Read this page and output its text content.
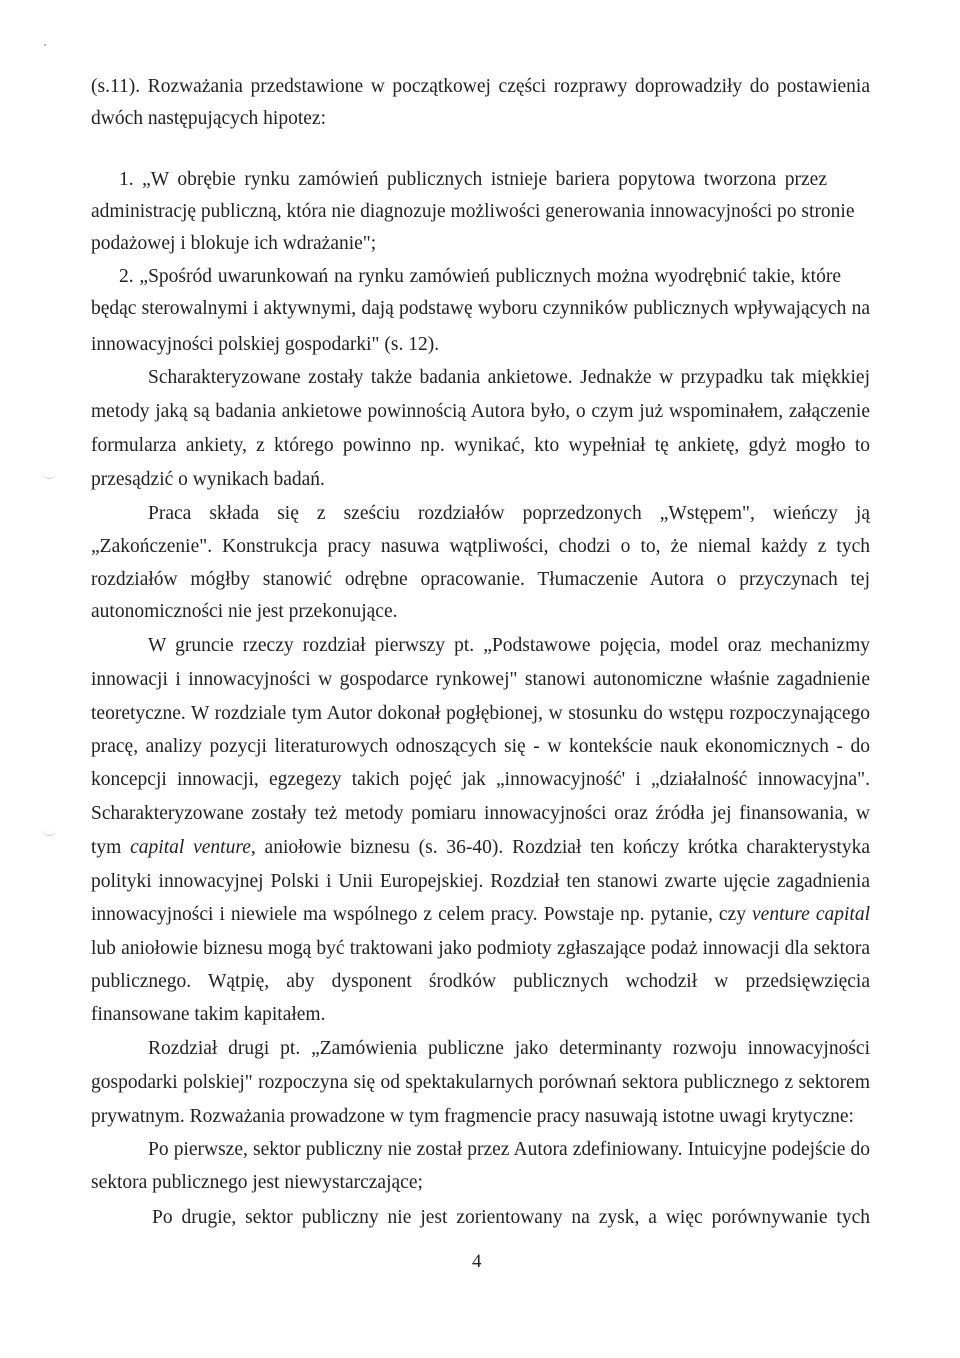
(s.11). Rozważania przedstawione w początkowej części rozprawy doprowadziły do postawienia

dwóch następujących hipotez:

1. „W obrębie rynku zamówień publicznych istnieje bariera popytowa tworzona przez

administrację publiczną, która nie diagnozuje możliwości generowania innowacyjności po stronie

podażowej i blokuje ich wdrażanie";

2. „Spośród uwarunkowań na rynku zamówień publicznych można wyodrębnić takie, które

będąc sterowalnymi i aktywnymi, dają podstawę wyboru czynników publicznych wpływających na

innowacyjności polskiej gospodarki" (s. 12).

Scharakteryzowane zostały także badania ankietowe. Jednakże w przypadku tak miękkiej

metody jaką są badania ankietowe powinnością Autora było, o czym już wspominałem, załączenie

formularza ankiety, z którego powinno np. wynikać, kto wypełniał tę ankietę, gdyż mogło to

przesądzić o wynikach badań.

Praca składa się z sześciu rozdziałów poprzedzonych „Wstępem", wieńczy ją

„Zakończenie". Konstrukcja pracy nasuwa wątpliwości, chodzi o to, że niemal każdy z tych

rozdziałów mógłby stanowić odrębne opracowanie. Tłumaczenie Autora o przyczynach tej

autonomiczności nie jest przekonujące.

W gruncie rzeczy rozdział pierwszy pt. „Podstawowe pojęcia, model oraz mechanizmy

innowacji i innowacyjności w gospodarce rynkowej" stanowi autonomiczne właśnie zagadnienie

teoretyczne. W rozdziale tym Autor dokonał pogłębionej, w stosunku do wstępu rozpoczynającego

pracę, analizy pozycji literaturowych odnoszących się - w kontekście nauk ekonomicznych - do

koncepcji innowacji, egzegezy takich pojęć jak „innowacyjność' i „działalność innowacyjna".

Scharakteryzowane zostały też metody pomiaru innowacyjności oraz źródła jej finansowania, w

tym capital venture, aniołowie biznesu (s. 36-40). Rozdział ten kończy krótka charakterystyka

polityki innowacyjnej Polski i Unii Europejskiej. Rozdział ten stanowi zwarte ujęcie zagadnienia

innowacyjności i niewiele ma wspólnego z celem pracy. Powstaje np. pytanie, czy venture capital

lub aniołowie biznesu mogą być traktowani jako podmioty zgłaszające podaż innowacji dla sektora

publicznego. Wątpię, aby dysponent środków publicznych wchodził w przedsięwzięcia

finansowane takim kapitałem.

Rozdział drugi pt. „Zamówienia publiczne jako determinanty rozwoju innowacyjności

gospodarki polskiej" rozpoczyna się od spektakularnych porównań sektora publicznego z sektorem

prywatnym. Rozważania prowadzone w tym fragmencie pracy nasuwają istotne uwagi krytyczne:

Po pierwsze, sektor publiczny nie został przez Autora zdefiniowany. Intuicyjne podejście do

sektora publicznego jest niewystarczające;

Po drugie, sektor publiczny nie jest zorientowany na zysk, a więc porównywanie tych

4
